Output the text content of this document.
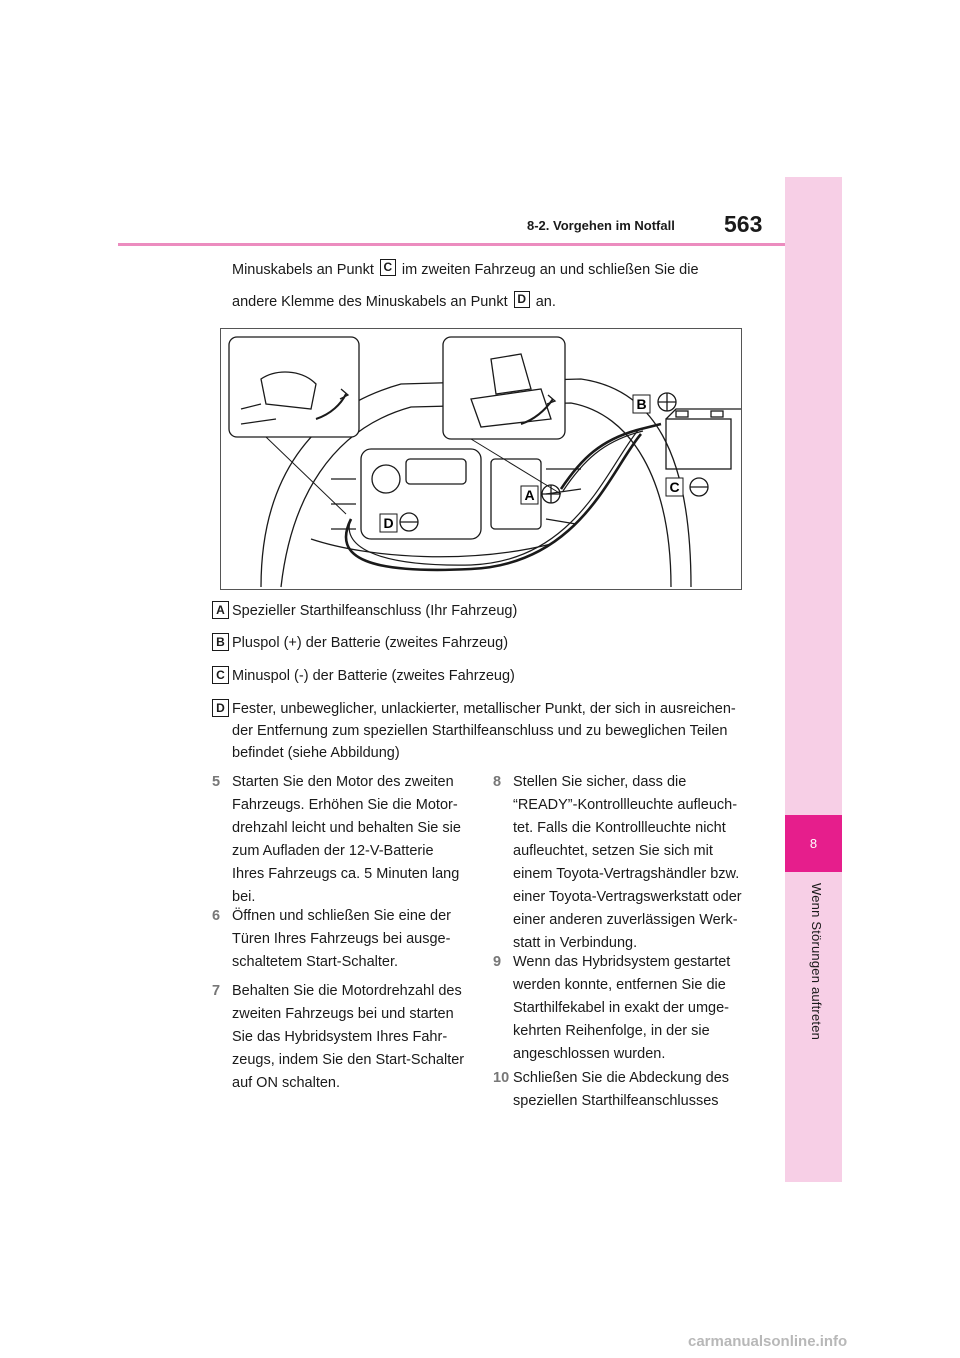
8
Wenn Störungen auftreten
8-2. Vorgehen im Notfall 563
Minuskabels an Punkt C im zweiten Fahrzeug an und schließen Sie die
andere Klemme des Minuskabels an Punkt D an.
B
C
A
D
A Spezieller Starthilfeanschluss (Ihr Fahrzeug)
B Pluspol (+) der Batterie (zweites Fahrzeug)
C Minuspol (-) der Batterie (zweites Fahrzeug)
D Fester, unbeweglicher, unlackierter, metallischer Punkt, der sich in ausreichen-
der Entfernung zum speziellen Starthilfeanschluss und zu beweglichen Teilen
befindet (siehe Abbildung)
5 Starten Sie den Motor des zweiten
Fahrzeugs. Erhöhen Sie die Motor-
drehzahl leicht und behalten Sie sie
zum Aufladen der 12-V-Batterie
Ihres Fahrzeugs ca. 5 Minuten lang
bei.
6 Öffnen und schließen Sie eine der
Türen Ihres Fahrzeugs bei ausge-
schaltetem Start-Schalter.
7 Behalten Sie die Motordrehzahl des
zweiten Fahrzeugs bei und starten
Sie das Hybridsystem Ihres Fahr-
zeugs, indem Sie den Start-Schalter
auf ON schalten.
8 Stellen Sie sicher, dass die
“READY”-Kontrollleuchte aufleuch-
tet. Falls die Kontrollleuchte nicht
aufleuchtet, setzen Sie sich mit
einem Toyota-Vertragshändler bzw.
einer Toyota-Vertragswerkstatt oder
einer anderen zuverlässigen Werk-
statt in Verbindung.
9 Wenn das Hybridsystem gestartet
werden konnte, entfernen Sie die
Starthilfekabel in exakt der umge-
kehrten Reihenfolge, in der sie
angeschlossen wurden.
10 Schließen Sie die Abdeckung des
speziellen Starthilfeanschlusses
carmanualsonline.info
